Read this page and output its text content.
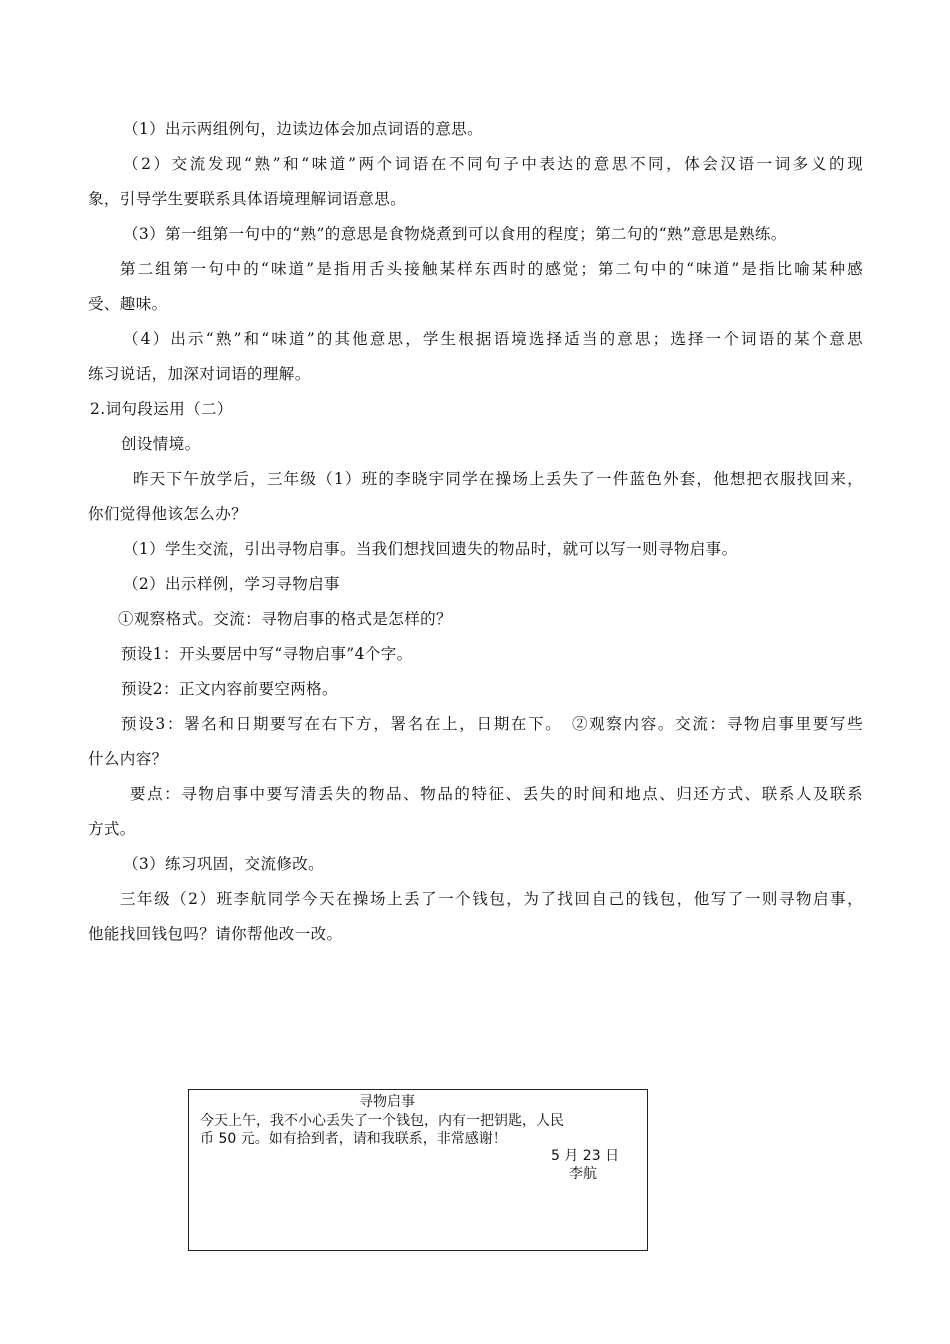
（1）出示两组例句，边读边体会加点词语的意思。

（2）交流发现“熟”和“味道”两个词语在不同句子中表达的意思不同，体会汉语一词多义的现

象，引导学生要联系具体语境理解词语意思。

（3）第一组第一句中的“熟”的意思是食物烧煮到可以食用的程度；第二句的“熟”意思是熟练。

第二组第一句中的“味道”是指用舌头接触某样东西时的感觉；第二句中的“味道”是指比喻某种感

受、趣味。

（4）出示“熟”和“味道”的其他意思，学生根据语境选择适当的意思；选择一个词语的某个意思

练习说话，加深对词语的理解。

2.词句段运用（二）

创设情境。

昨天下午放学后，三年级（1）班的李晓宇同学在操场上丢失了一件蓝色外套，他想把衣服找回来，

你们觉得他该怎么办？

（1）学生交流，引出寻物启事。当我们想找回遗失的物品时，就可以写一则寻物启事。

（2）出示样例，学习寻物启事

①观察格式。交流：寻物启事的格式是怎样的？

预设1：开头要居中写“寻物启事”4个字。

预设2：正文内容前要空两格。

预设3：署名和日期要写在右下方，署名在上，日期在下。　②观察内容。交流：寻物启事里要写些

什么内容？

要点：寻物启事中要写清丢失的物品、物品的特征、丢失的时间和地点、归还方式、联系人及联系

方式。

（3）练习巩固，交流修改。

三年级（2）班李航同学今天在操场上丢了一个钱包，为了找回自己的钱包，他写了一则寻物启事，

他能找回钱包吗？请你帮他改一改。

寻物启事
今天上午，我不小心丢失了一个钱包，内有一把钥匙，人民
币 50 元。如有拾到者，请和我联系，非常感谢！
5 月 23 日
李航
